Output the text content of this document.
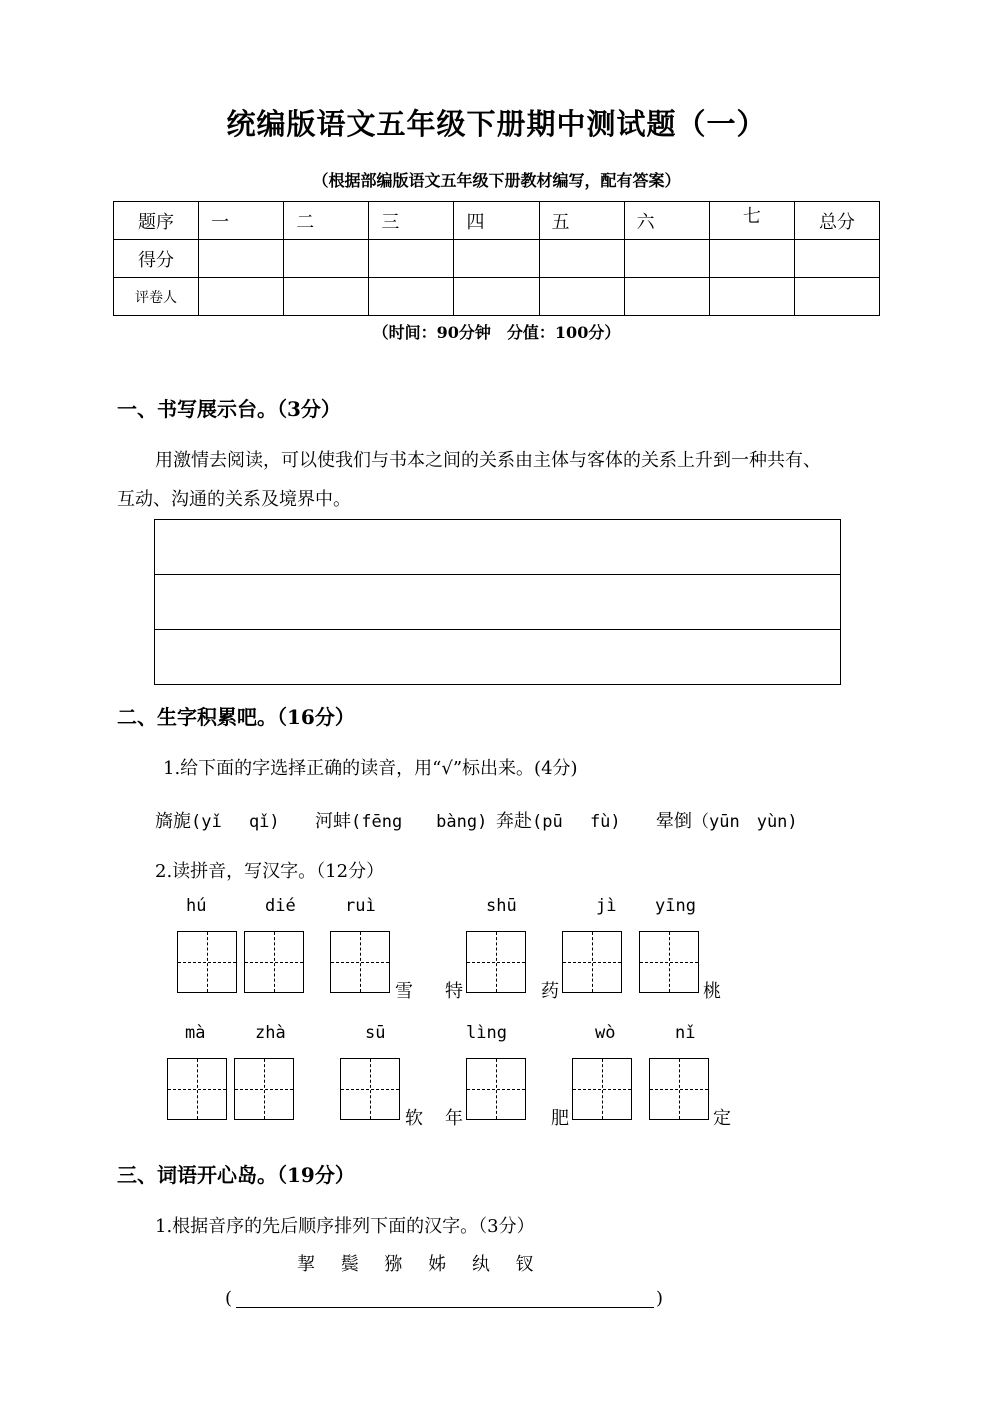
统编版语文五年级下册期中测试题（一）
（根据部编版语文五年级下册教材编写，配有答案）
题序	一	二	三	四	五	六	七	总分
得分								
评卷人								
（时间：90分钟　分值：100分）
一、书写展示台。（3分）
用激情去阅读，可以使我们与书本之间的关系由主体与客体的关系上升到一种共有、
互动、沟通的关系及境界中。
二、生字积累吧。（16分）
1.给下面的字选择正确的读音，用“√”标出来。(4分)
旖旎(yǐ　 qǐ) 河蚌(fēng　　bàng) 奔赴(pū　 fù) 晕倒（yūn　yùn)
2.读拼音，写汉字。（12分）
hú	dié	ruì	shū	jì yīng
雪 特	药	桃
mà	zhà	sū	lìng	wò	nǐ
软 年	肥	定
三、词语开心岛。（19分）
1.根据音序的先后顺序排列下面的汉字。（3分）
挈 鬓 猕 姊 纨 钗
(	)
